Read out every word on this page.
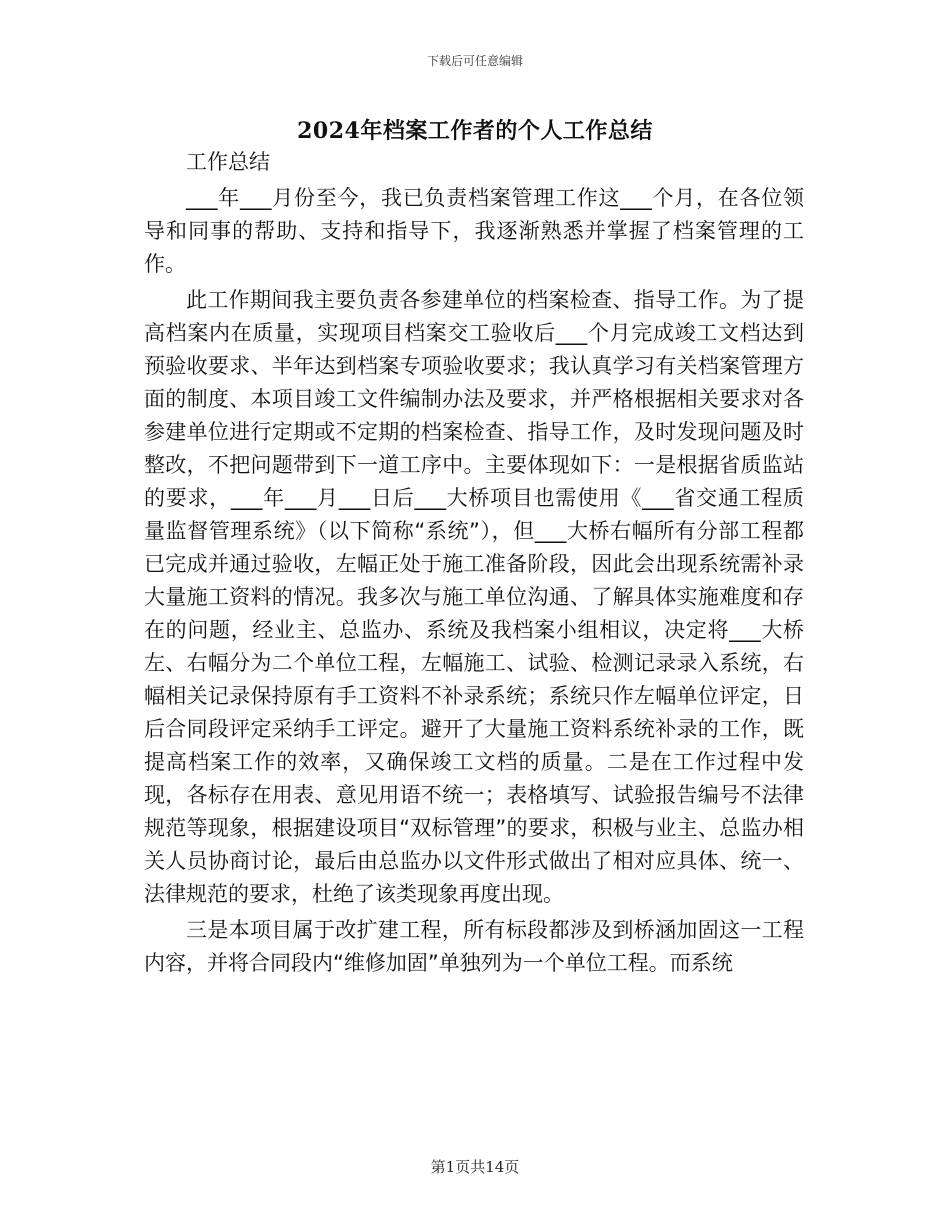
下载后可任意编辑
2024年档案工作者的个人工作总结

工作总结

___年___月份至今，我已负责档案管理工作这___个月，在各位领导和同事的帮助、支持和指导下，我逐渐熟悉并掌握了档案管理的工作。

此工作期间我主要负责各参建单位的档案检查、指导工作。为了提高档案内在质量，实现项目档案交工验收后___个月完成竣工文档达到预验收要求、半年达到档案专项验收要求；我认真学习有关档案管理方面的制度、本项目竣工文件编制办法及要求，并严格根据相关要求对各参建单位进行定期或不定期的档案检查、指导工作，及时发现问题及时整改，不把问题带到下一道工序中。主要体现如下：一是根据省质监站的要求，___年___月___日后___大桥项目也需使用《___省交通工程质量监督管理系统》（以下简称“系统”），但___大桥右幅所有分部工程都已完成并通过验收，左幅正处于施工准备阶段，因此会出现系统需补录大量施工资料的情况。我多次与施工单位沟通、了解具体实施难度和存在的问题，经业主、总监办、系统及我档案小组相议，决定将___大桥左、右幅分为二个单位工程，左幅施工、试验、检测记录录入系统，右幅相关记录保持原有手工资料不补录系统；系统只作左幅单位评定，日后合同段评定采纳手工评定。避开了大量施工资料系统补录的工作，既提高档案工作的效率，又确保竣工文档的质量。二是在工作过程中发现，各标存在用表、意见用语不统一；表格填写、试验报告编号不法律规范等现象，根据建设项目“双标管理”的要求，积极与业主、总监办相关人员协商讨论，最后由总监办以文件形式做出了相对应具体、统一、法律规范的要求，杜绝了该类现象再度出现。

三是本项目属于改扩建工程，所有标段都涉及到桥涵加固这一工程内容，并将合同段内“维修加固”单独列为一个单位工程。而系统

第1页共14页
